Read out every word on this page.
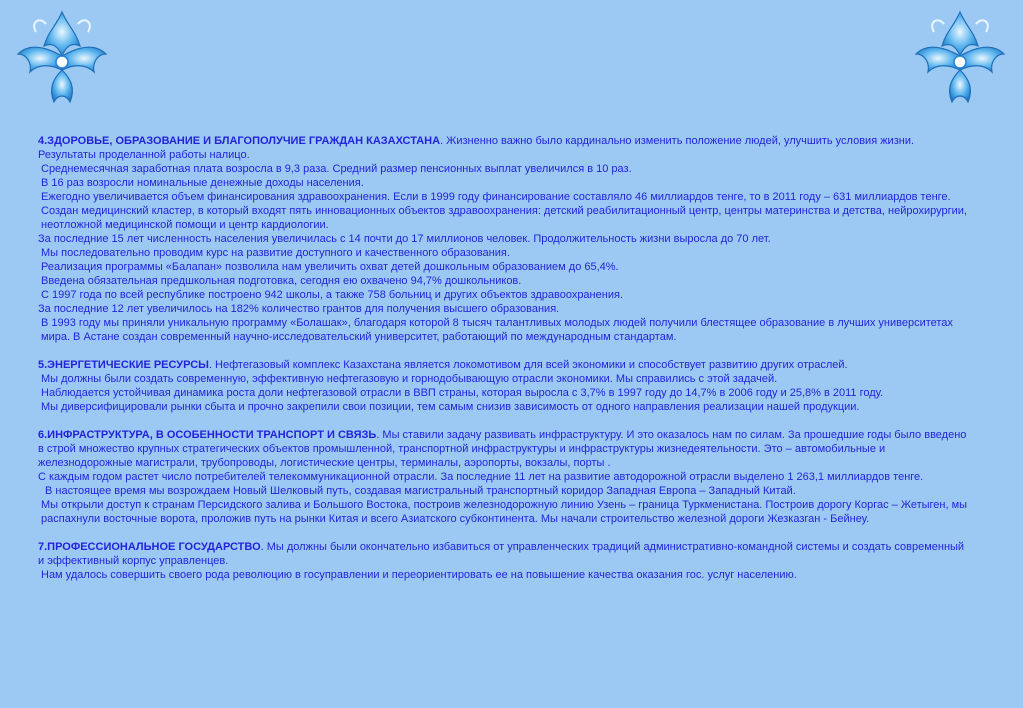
4.ЗДОРОВЬЕ, ОБРАЗОВАНИЕ И БЛАГОПОЛУЧИЕ ГРАЖДАН КАЗАХСТАНА. Жизненно важно было кардинально изменить положение людей, улучшить условия жизни. Результаты проделанной работы налицо.

Среднемесячная заработная плата возросла в 9,3 раза. Средний размер пенсионных выплат увеличился в 10 раз.

В 16 раз возросли номинальные денежные доходы населения.

Ежегодно увеличивается объем финансирования здравоохранения. Если в 1999 году финансирование составляло 46 миллиардов тенге, то в 2011 году – 631 миллиардов тенге.

Создан медицинский кластер, в который входят пять инновационных объектов здравоохранения: детский реабилитационный центр, центры материнства и детства, нейрохирургии, неотложной медицинской помощи и центр кардиологии.

За последние 15 лет численность населения увеличилась с 14 почти до 17 миллионов человек. Продолжительность жизни выросла до 70 лет.

Мы последовательно проводим курс на развитие доступного и качественного образования.

Реализация программы «Балапан» позволила нам увеличить охват детей дошкольным образованием до 65,4%.

Введена обязательная предшкольная подготовка, сегодня ею охвачено 94,7% дошкольников.

С 1997 года по всей республике построено 942 школы, а также 758 больниц и других объектов здравоохранения.

За последние 12 лет увеличилось на 182% количество грантов для получения высшего образования.

В 1993 году мы приняли уникальную программу «Болашак», благодаря которой 8 тысяч талантливых молодых людей получили блестящее образование в лучших университетах мира. В Астане создан современный научно-исследовательский университет, работающий по международным стандартам.

5.ЭНЕРГЕТИЧЕСКИЕ РЕСУРСЫ. Нефтегазовый комплекс Казахстана является локомотивом для всей экономики и способствует развитию других отраслей.

Мы должны были создать современную, эффективную нефтегазовую и горнодобывающую отрасли экономики. Мы справились с этой задачей.

Наблюдается устойчивая динамика роста доли нефтегазовой отрасли в ВВП страны, которая выросла с 3,7% в 1997 году до 14,7% в 2006 году и 25,8% в 2011 году.

Мы диверсифицировали рынки сбыта и прочно закрепили свои позиции, тем самым снизив зависимость от одного направления реализации нашей продукции.

6.ИНФРАСТРУКТУРА, В ОСОБЕННОСТИ ТРАНСПОРТ И СВЯЗЬ. Мы ставили задачу развивать инфраструктуру. И это оказалось нам по силам. За прошедшие годы было введено в строй множество крупных стратегических объектов промышленной, транспортной инфраструктуры и инфраструктуры жизнедеятельности. Это – автомобильные и железнодорожные магистрали, трубопроводы, логистические центры, терминалы, аэропорты, вокзалы, порты .

С каждым годом растет число потребителей телекоммуникационной отрасли. За последние 11 лет на развитие автодорожной отрасли выделено 1 263,1 миллиардов тенге.

В настоящее время мы возрождаем Новый Шелковый путь, создавая магистральный транспортный коридор Западная Европа – Западный Китай.

Мы открыли доступ к странам Персидского залива и Большого Востока, построив железнодорожную линию Узень – граница Туркменистана. Построив дорогу Коргас – Жетыген, мы распахнули восточные ворота, проложив путь на рынки Китая и всего Азиатского субконтинента. Мы начали строительство железной дороги Жезказган - Бейнеу.

7.ПРОФЕССИОНАЛЬНОЕ ГОСУДАРСТВО. Мы должны были окончательно избавиться от управленческих традиций административно-командной системы и создать современный и эффективный корпус управленцев.

Нам удалось совершить своего рода революцию в госуправлении и переориентировать ее на повышение качества оказания гос. услуг населению.
